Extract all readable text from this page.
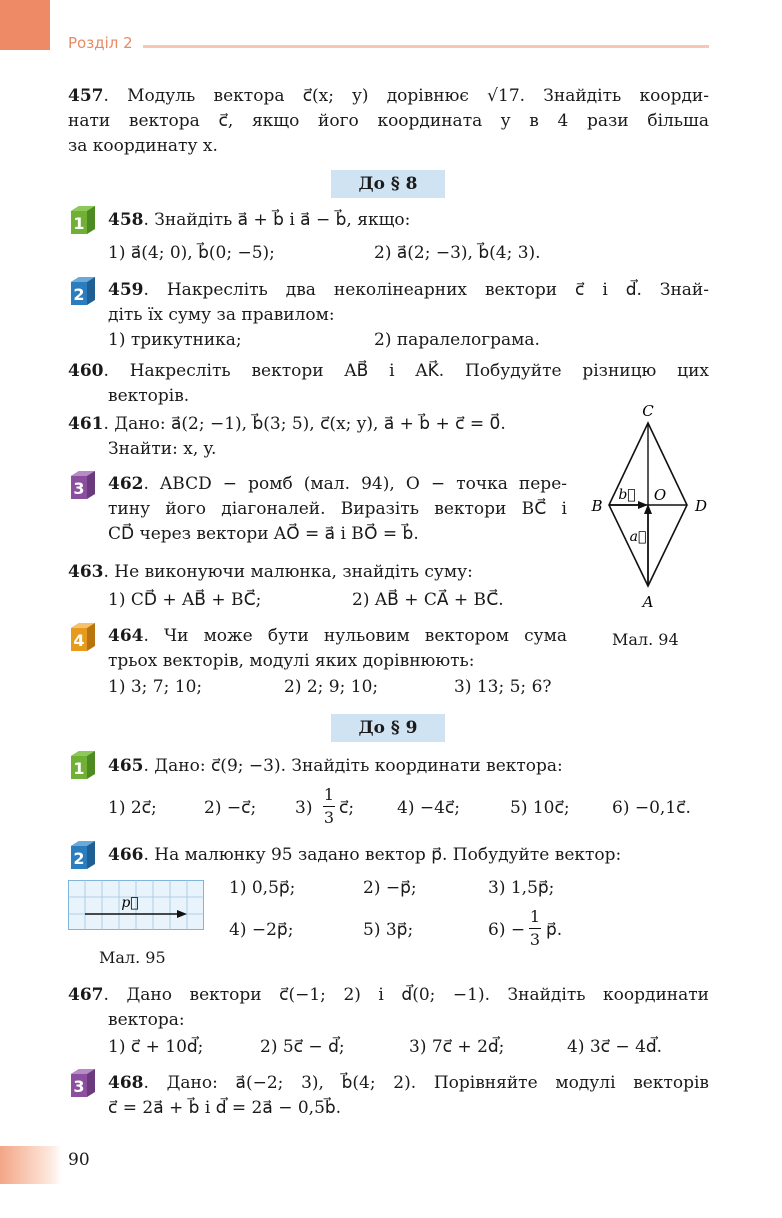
Розділ 2
457. Модуль вектора c⃗(x; y) дорівнює √17. Знайдіть коорди-
нати вектора c⃗, якщо його координата y в 4 рази більша
за координату x.
До § 8
1 458. Знайдіть a⃗ + b⃗ і a⃗ − b⃗, якщо:
1) a⃗(4; 0), b⃗(0; −5);	2) a⃗(2; −3), b⃗(4; 3).
2 459. Накресліть два неколінеарних вектори c⃗ і d⃗. Знай-
діть їх суму за правилом:
1) трикутника;	2) паралелограма.
460. Накресліть вектори AB⃗ і AK⃗. Побудуйте різницю цих
векторів.
461. Дано: a⃗(2; −1), b⃗(3; 5), c⃗(x; y), a⃗ + b⃗ + c⃗ = 0⃗.
Знайти: x, y.
3 462. ABCD − ромб (мал. 94), O − точка пере-
тину його діагоналей. Виразіть вектори BC⃗ і
CD⃗ через вектори AO⃗ = a⃗ і BO⃗ = b⃗.
463. Не виконуючи малюнка, знайдіть суму:
1) CD⃗ + AB⃗ + BC⃗;	2) AB⃗ + CA⃗ + BC⃗.
C
B	D
A
O
a⃗
b⃗
Мал. 94
4 464. Чи може бути нульовим вектором сума
трьох векторів, модулі яких дорівнюють:
1) 3; 7; 10;	2) 2; 9; 10;	3) 13; 5; 6?
До § 9
1 465. Дано: c⃗(9; −3). Знайдіть координати вектора:
1) 2c⃗;	2) −c⃗; 3)
1
3 c⃗;	4) −4c⃗;	5) 10c⃗; 6) −0,1c⃗.
2 466. На малюнку 95 задано вектор p⃗. Побудуйте вектор:
p⃗
Мал. 95
1) 0,5p⃗;	2) −p⃗;	3) 1,5p⃗;
4) −2p⃗;	5) 3p⃗;	6) −
1
3 p⃗.
467. Дано вектори c⃗(−1; 2) і d⃗(0; −1). Знайдіть координати
вектора:
1) c⃗ + 10d⃗;	2) 5c⃗ − d⃗;	3) 7c⃗ + 2d⃗;	4) 3c⃗ − 4d⃗.
3 468. Дано: a⃗(−2; 3), b⃗(4; 2). Порівняйте модулі векторів
c⃗ = 2a⃗ + b⃗ і d⃗ = 2a⃗ − 0,5b⃗.
90
